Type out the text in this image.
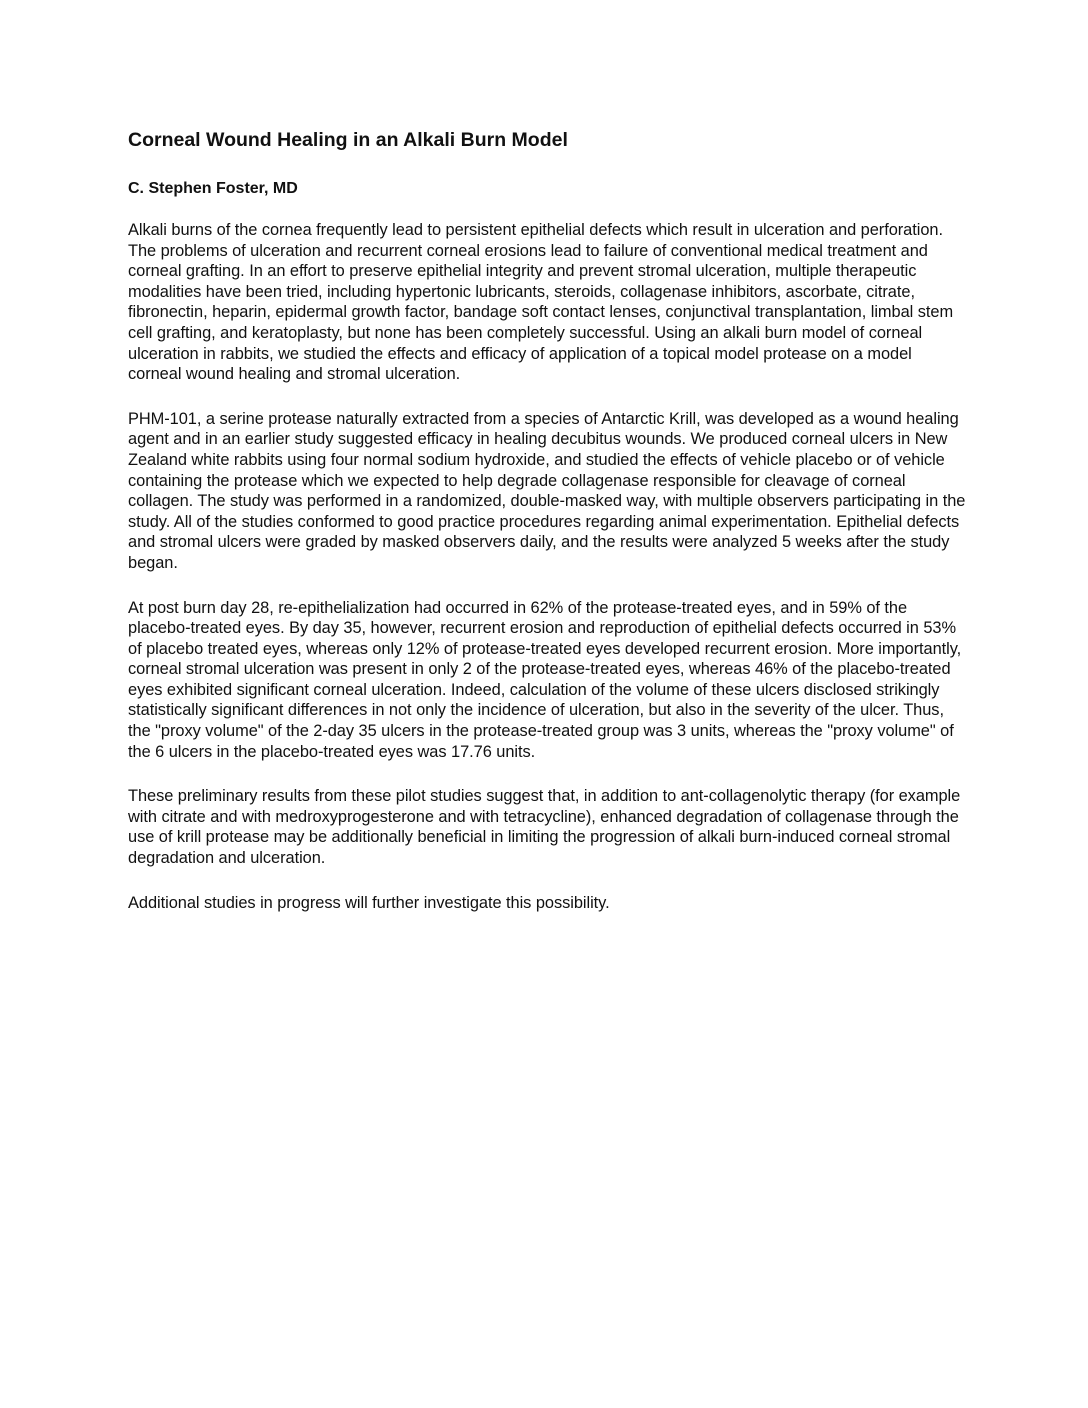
Corneal Wound Healing in an Alkali Burn Model
C. Stephen Foster, MD

Alkali burns of the cornea frequently lead to persistent epithelial defects which result in ulceration and perforation. The problems of ulceration and recurrent corneal erosions lead to failure of conventional medical treatment and corneal grafting. In an effort to preserve epithelial integrity and prevent stromal ulceration, multiple therapeutic modalities have been tried, including hypertonic lubricants, steroids, collagenase inhibitors, ascorbate, citrate, fibronectin, heparin, epidermal growth factor, bandage soft contact lenses, conjunctival transplantation, limbal stem cell grafting, and keratoplasty, but none has been completely successful. Using an alkali burn model of corneal ulceration in rabbits, we studied the effects and efficacy of application of a topical model protease on a model corneal wound healing and stromal ulceration.

PHM-101, a serine protease naturally extracted from a species of Antarctic Krill, was developed as a wound healing agent and in an earlier study suggested efficacy in healing decubitus wounds. We produced corneal ulcers in New Zealand white rabbits using four normal sodium hydroxide, and studied the effects of vehicle placebo or of vehicle containing the protease which we expected to help degrade collagenase responsible for cleavage of corneal collagen. The study was performed in a randomized, double-masked way, with multiple observers participating in the study. All of the studies conformed to good practice procedures regarding animal experimentation. Epithelial defects and stromal ulcers were graded by masked observers daily, and the results were analyzed 5 weeks after the study began.

At post burn day 28, re-epithelialization had occurred in 62% of the protease-treated eyes, and in 59% of the placebo-treated eyes. By day 35, however, recurrent erosion and reproduction of epithelial defects occurred in 53% of placebo treated eyes, whereas only 12% of protease-treated eyes developed recurrent erosion. More importantly, corneal stromal ulceration was present in only 2 of the protease-treated eyes, whereas 46% of the placebo-treated eyes exhibited significant corneal ulceration. Indeed, calculation of the volume of these ulcers disclosed strikingly statistically significant differences in not only the incidence of ulceration, but also in the severity of the ulcer. Thus, the "proxy volume" of the 2-day 35 ulcers in the protease-treated group was 3 units, whereas the "proxy volume" of the 6 ulcers in the placebo-treated eyes was 17.76 units.

These preliminary results from these pilot studies suggest that, in addition to ant-collagenolytic therapy (for example with citrate and with medroxyprogesterone and with tetracycline), enhanced degradation of collagenase through the use of krill protease may be additionally beneficial in limiting the progression of alkali burn-induced corneal stromal degradation and ulceration.

Additional studies in progress will further investigate this possibility.
